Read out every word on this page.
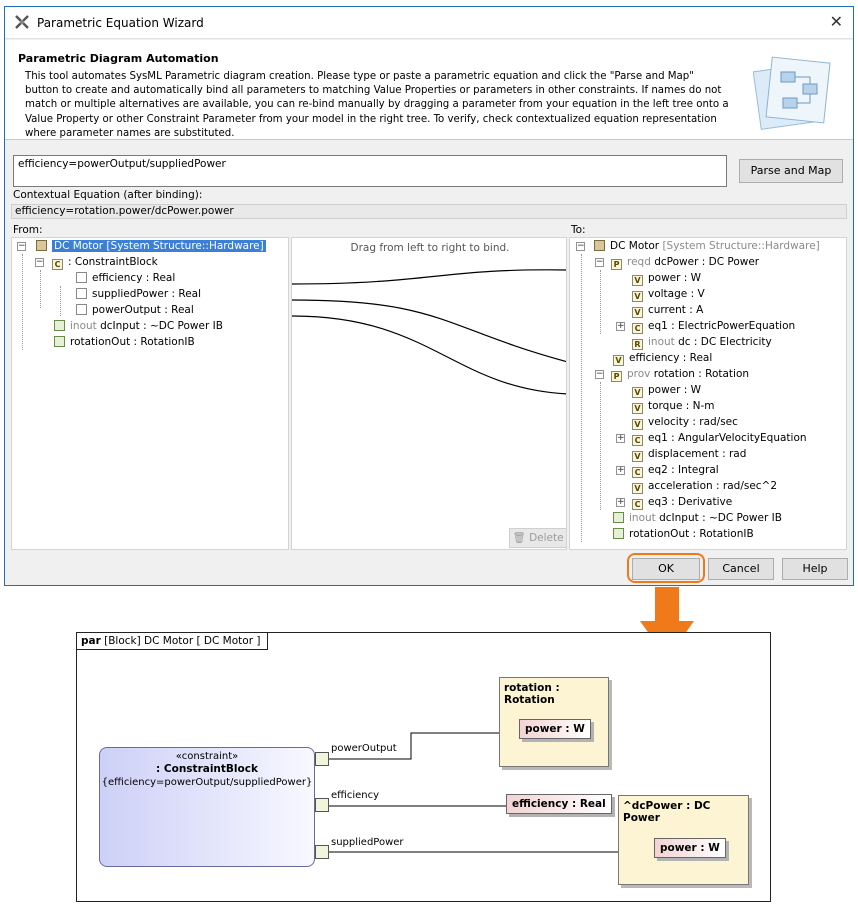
Parametric Equation Wizard	✕
Parametric Diagram Automation
This tool automates SysML Parametric diagram creation. Please type or paste a parametric equation and click the "Parse and Map" button to create and automatically bind all parameters to matching Value Properties or parameters in other constraints. If names do not match or multiple alternatives are available, you can re-bind manually by dragging a parameter from your equation in the left tree onto a Value Property or other Constraint Parameter from your model in the right tree. To verify, check contextualized equation representation where parameter names are substituted.
efficiency=powerOutput/suppliedPower	Parse and Map
Contextual Equation (after binding):
efficiency=rotation.power/dcPower.power
From:	To:
−	DC Motor [System Structure::Hardware]
−	C : ConstraintBlock
efficiency : Real
suppliedPower : Real
powerOutput : Real
inout dcInput : ~DC Power IB
rotationOut : RotationIB
Drag from left to right to bind.
🗑 Delete
−	DC Motor [System Structure::Hardware]
−	P reqd dcPower : DC Power
V power : W
V voltage : V
V current : A
+	C eq1 : ElectricPowerEquation
R inout dc : DC Electricity
V efficiency : Real
−	P prov rotation : Rotation
V power : W
V torque : N-m
V velocity : rad/sec
+	C eq1 : AngularVelocityEquation
V displacement : rad
+	C eq2 : Integral
V acceleration : rad/sec^2
+	C eq3 : Derivative
inout dcInput : ~DC Power IB
rotationOut : RotationIB
OK	Cancel	Help
par [Block] DC Motor [ DC Motor ]
«constraint»
: ConstraintBlock
{efficiency=powerOutput/suppliedPower}
powerOutput
efficiency
suppliedPower
rotation : Rotation
power : W
efficiency : Real	^dcPower : DC Power
power : W
